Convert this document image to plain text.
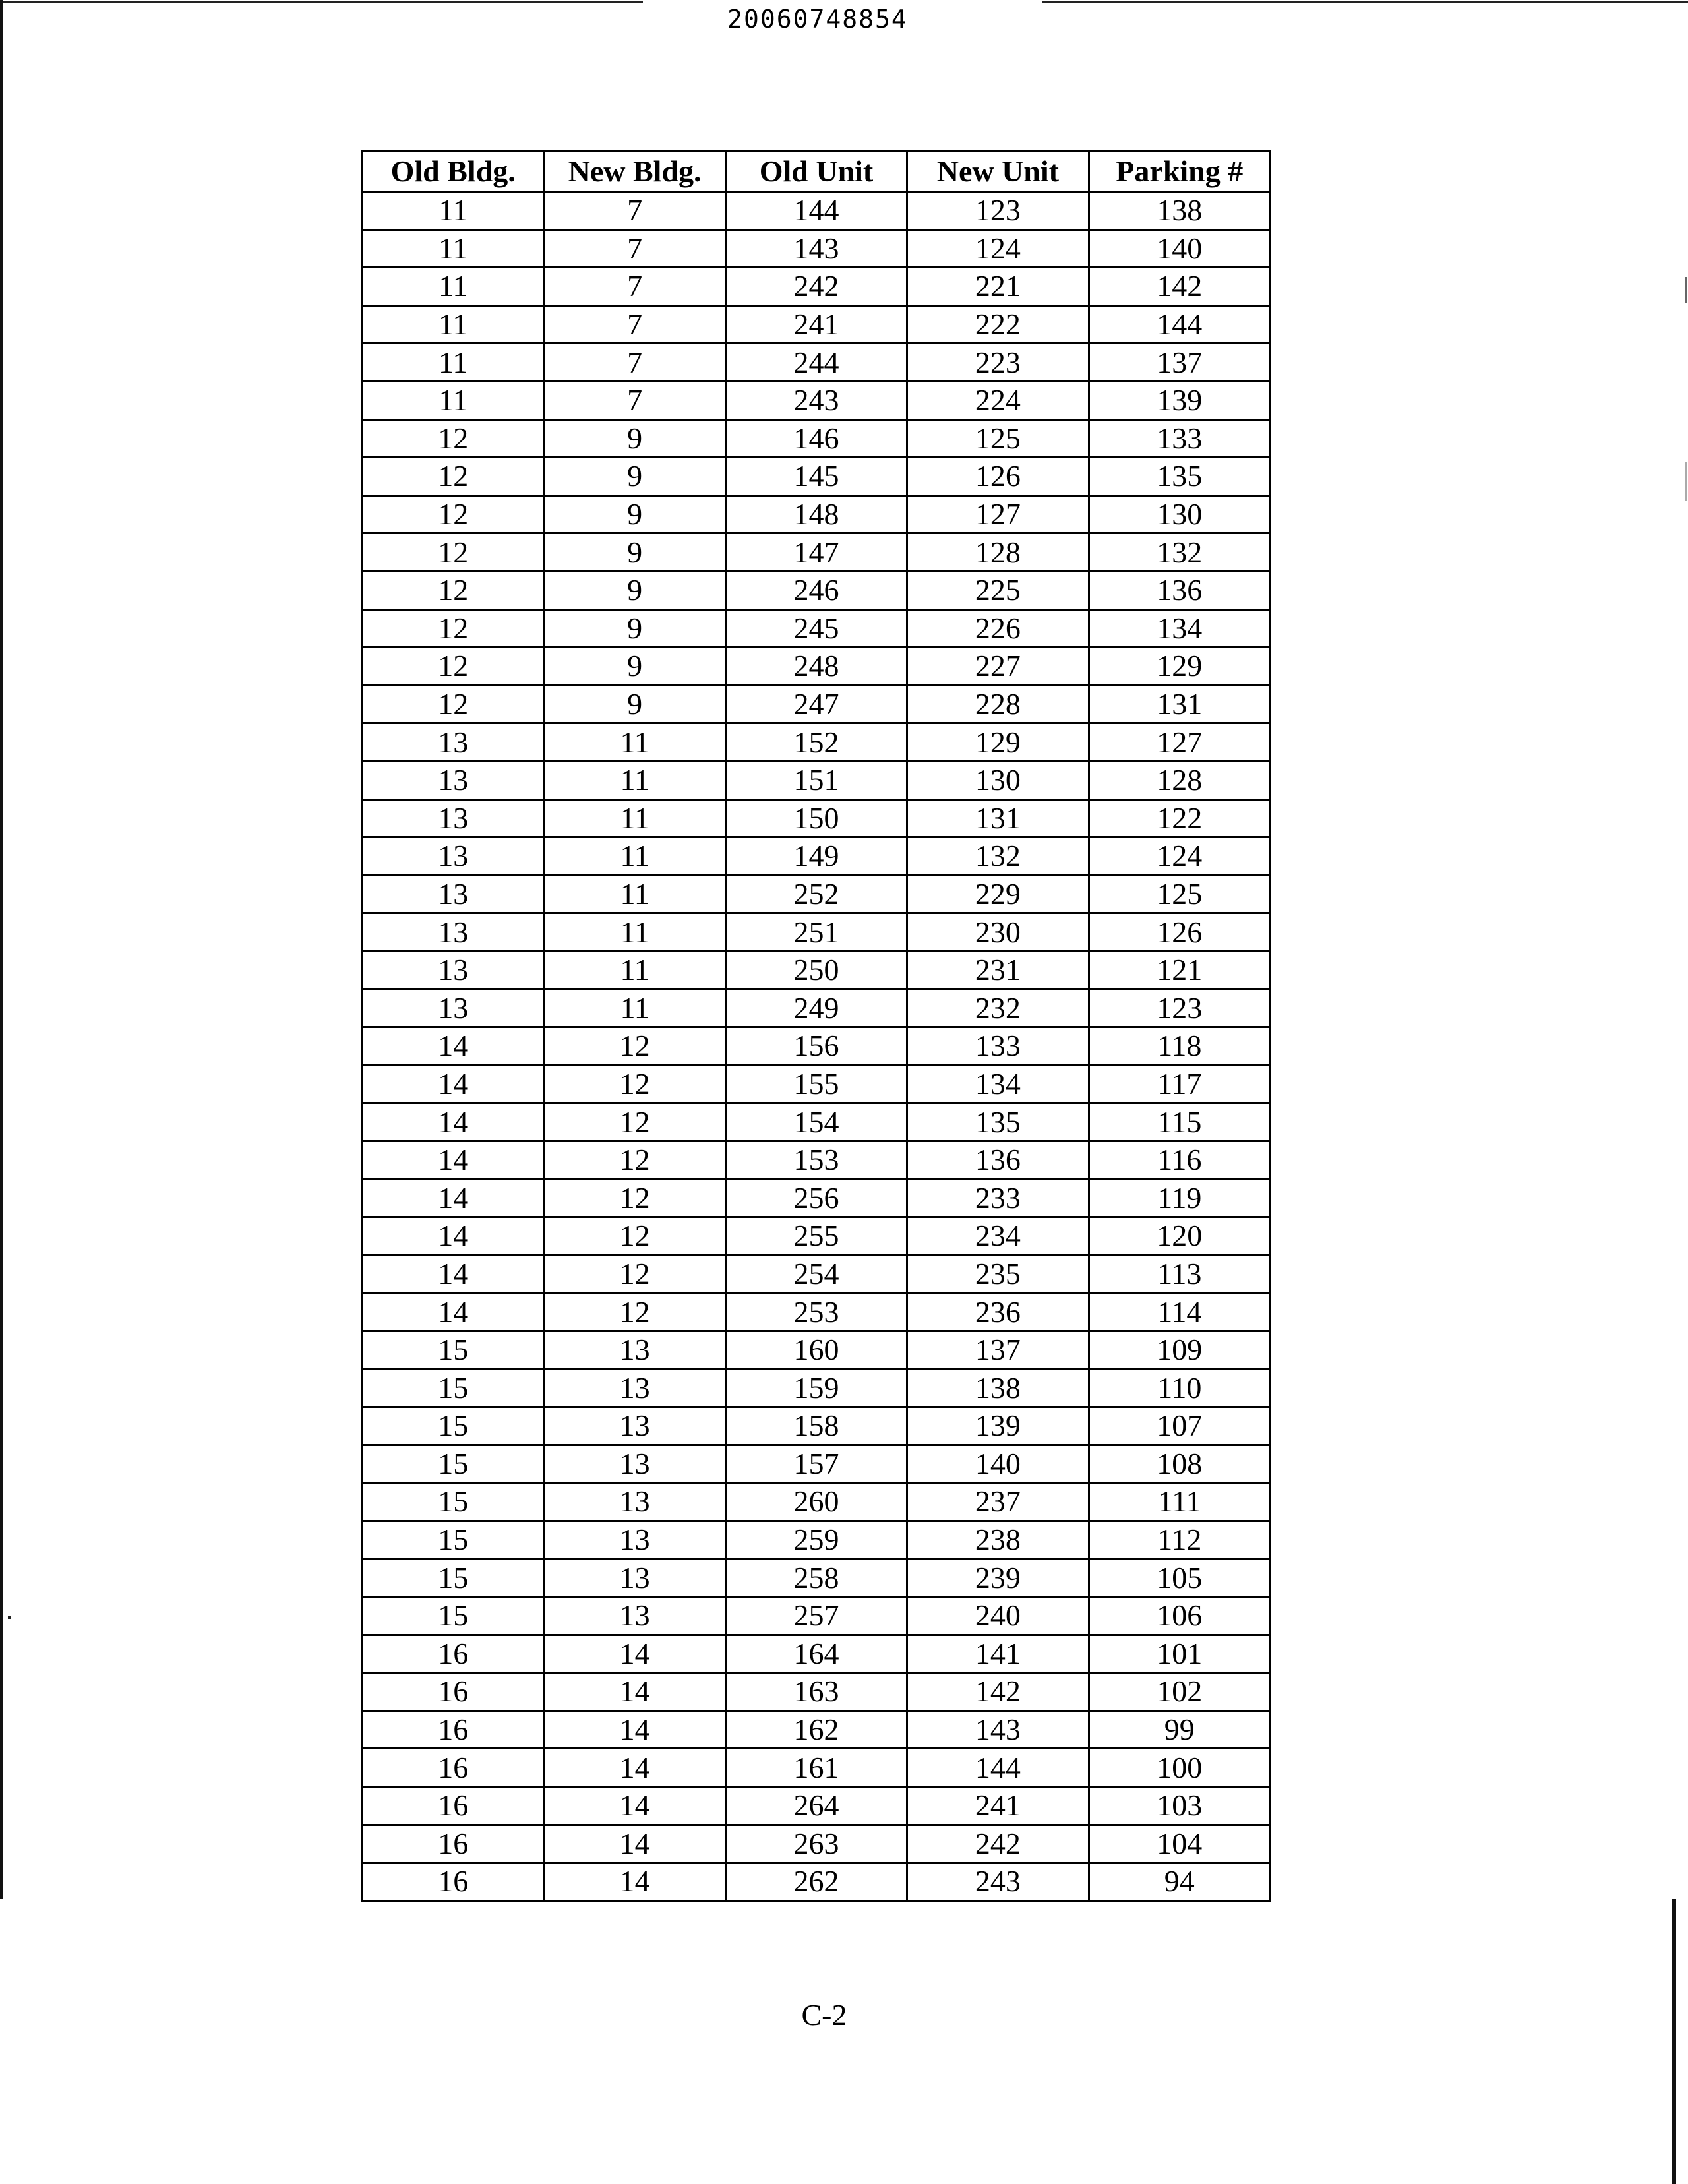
20060748854
Old Bldg.	New Bldg.	Old Unit	New Unit	Parking #
11	7	144	123	138
11	7	143	124	140
11	7	242	221	142
11	7	241	222	144
11	7	244	223	137
11	7	243	224	139
12	9	146	125	133
12	9	145	126	135
12	9	148	127	130
12	9	147	128	132
12	9	246	225	136
12	9	245	226	134
12	9	248	227	129
12	9	247	228	131
13	11	152	129	127
13	11	151	130	128
13	11	150	131	122
13	11	149	132	124
13	11	252	229	125
13	11	251	230	126
13	11	250	231	121
13	11	249	232	123
14	12	156	133	118
14	12	155	134	117
14	12	154	135	115
14	12	153	136	116
14	12	256	233	119
14	12	255	234	120
14	12	254	235	113
14	12	253	236	114
15	13	160	137	109
15	13	159	138	110
15	13	158	139	107
15	13	157	140	108
15	13	260	237	111
15	13	259	238	112
15	13	258	239	105
15	13	257	240	106
16	14	164	141	101
16	14	163	142	102
16	14	162	143	99
16	14	161	144	100
16	14	264	241	103
16	14	263	242	104
16	14	262	243	94
C-2
